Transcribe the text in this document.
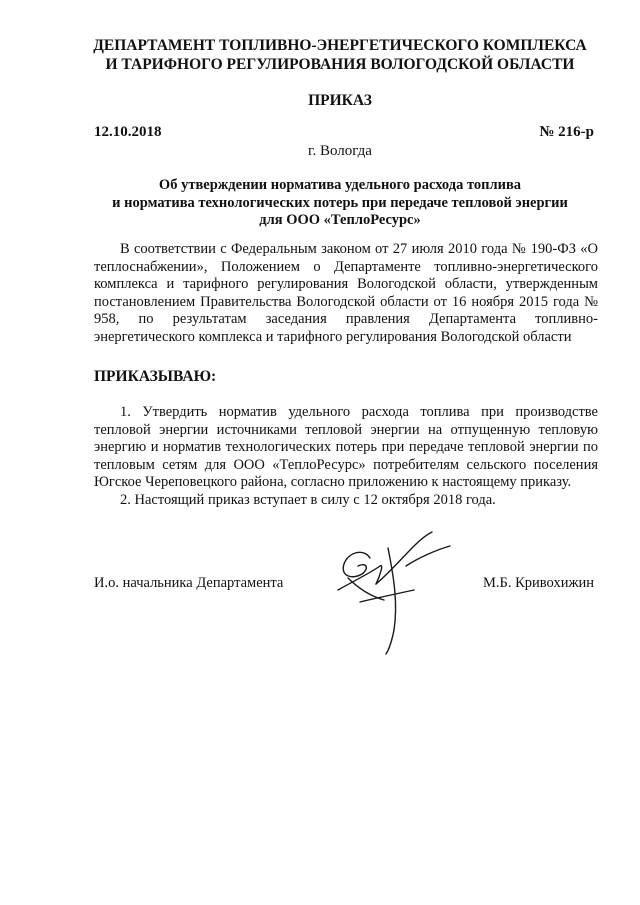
ДЕПАРТАМЕНТ ТОПЛИВНО-ЭНЕРГЕТИЧЕСКОГО КОМПЛЕКСА
И ТАРИФНОГО РЕГУЛИРОВАНИЯ ВОЛОГОДСКОЙ ОБЛАСТИ
ПРИКАЗ
12.10.2018	№ 216-р
г. Вологда
Об утверждении норматива удельного расхода топлива
и норматива технологических потерь при передаче тепловой энергии
для ООО «ТеплоРесурс»

В соответствии с Федеральным законом от 27 июля 2010 года № 190-ФЗ «О теплоснабжении», Положением о Департаменте топливно-энергетического комплекса и тарифного регулирования Вологодской области, утвержденным постановлением Правительства Вологодской области от 16 ноября 2015 года № 958, по результатам заседания правления Департамента топливно-энергетического комплекса и тарифного регулирования Вологодской области

ПРИКАЗЫВАЮ:

1. Утвердить норматив удельного расхода топлива при производстве тепловой энергии источниками тепловой энергии на отпущенную тепловую энергию и норматив технологических потерь при передаче тепловой энергии по тепловым сетям для ООО «ТеплоРесурс» потребителям сельского поселения Югское Череповецкого района, согласно приложению к настоящему приказу.

2. Настоящий приказ вступает в силу с 12 октября 2018 года.

И.о. начальника Департамента	М.Б. Кривохижин
